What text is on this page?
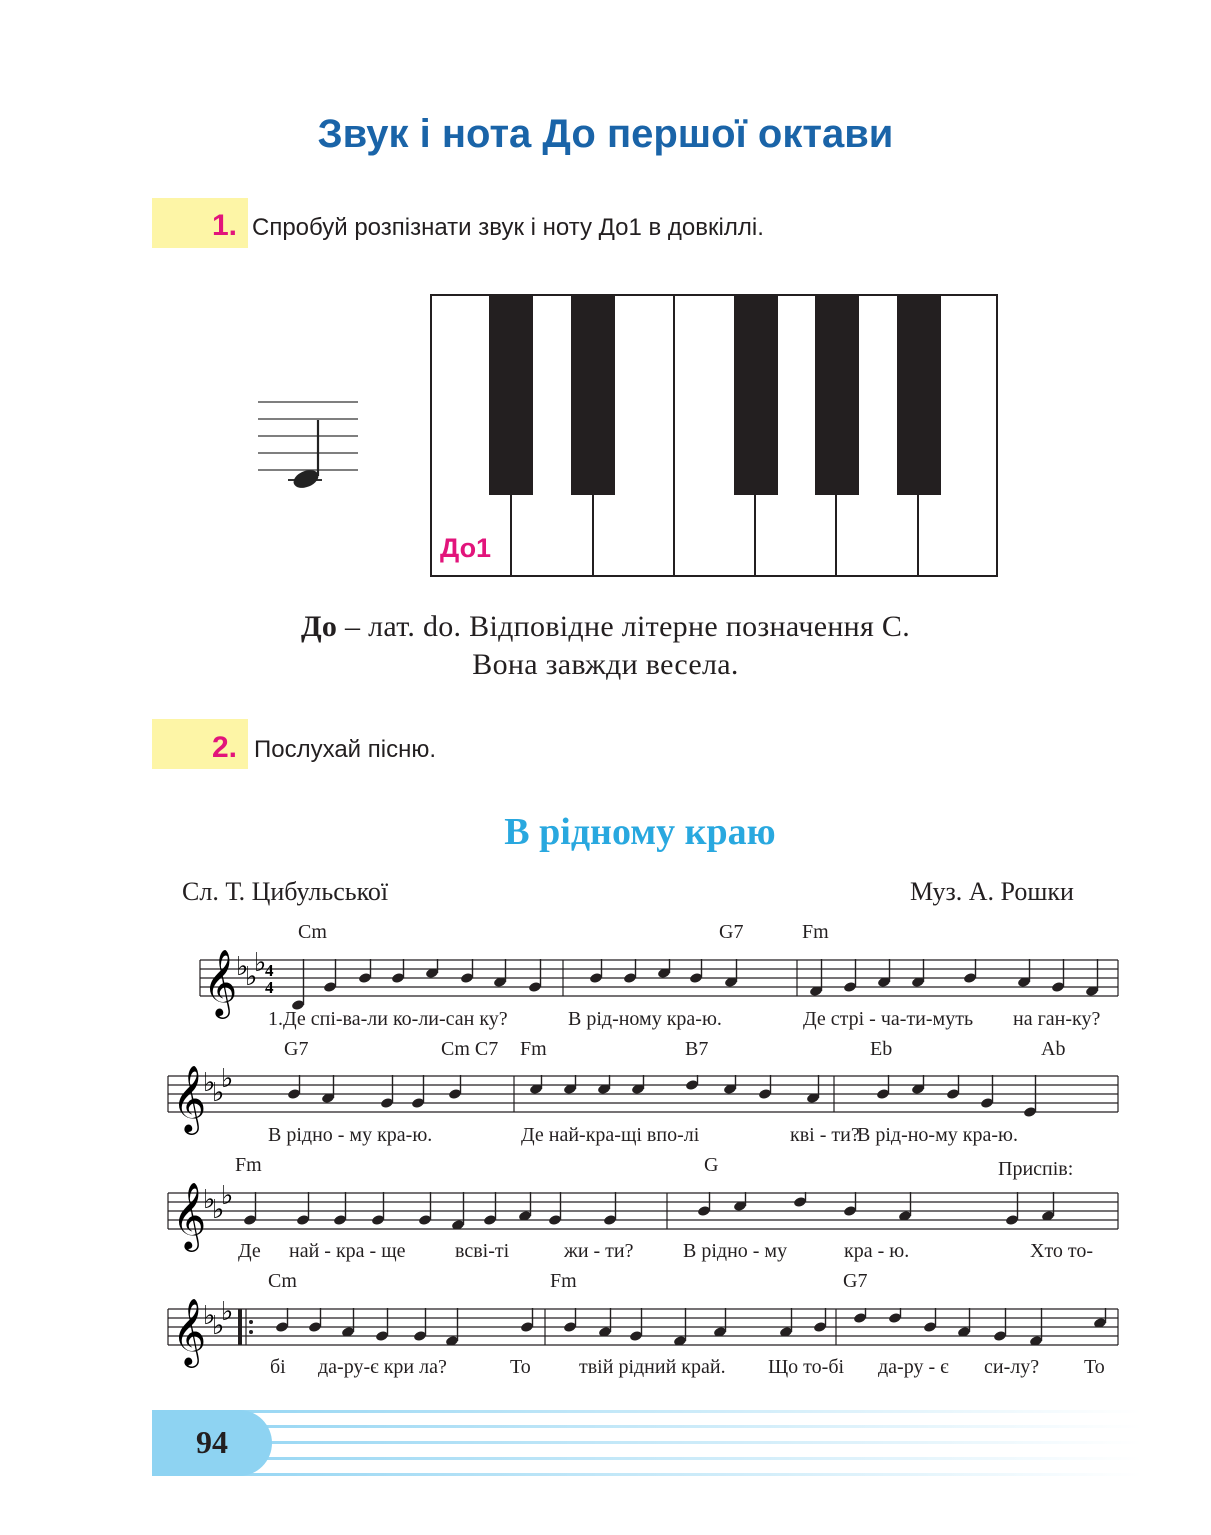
Звук і нота До першої октави
1. Спробуй розпізнати звук і ноту До1 в довкіллі.
До1
До – лат. do. Відповідне літерне позначення С.
Вона завжди весела.
2. Послухай пісню.
В рідному краю
Сл. Т. Цибульської	Муз. А. Рошки
𝄞
♭
♭
♭
4
4
𝄞
♭
♭
♭
𝄞
♭
♭
♭
𝄞
♭
♭
♭
Cm	G7	Fm
1.Де спі-ва-ли ко-ли-сан ку?	В рід-ному кра-ю.	Де стрі - ча-ти-муть на ган-ку?
G7	Cm C7 Fm	B7	Eb	Ab
В рідно - му кра-ю.	Де най-кра-щі впо-лі	кві - ти?
В рід-но-му кра-ю.
Fm	G	Приспів:
Де най - кра - ще всві-ті	жи - ти? В рідно - му	кра - ю.	Хто то-
Cm	Fm	G7
бі да-ру-є кри ла?	То твій рідний край. Що то-бі да-ру - є си-лу? То
94
